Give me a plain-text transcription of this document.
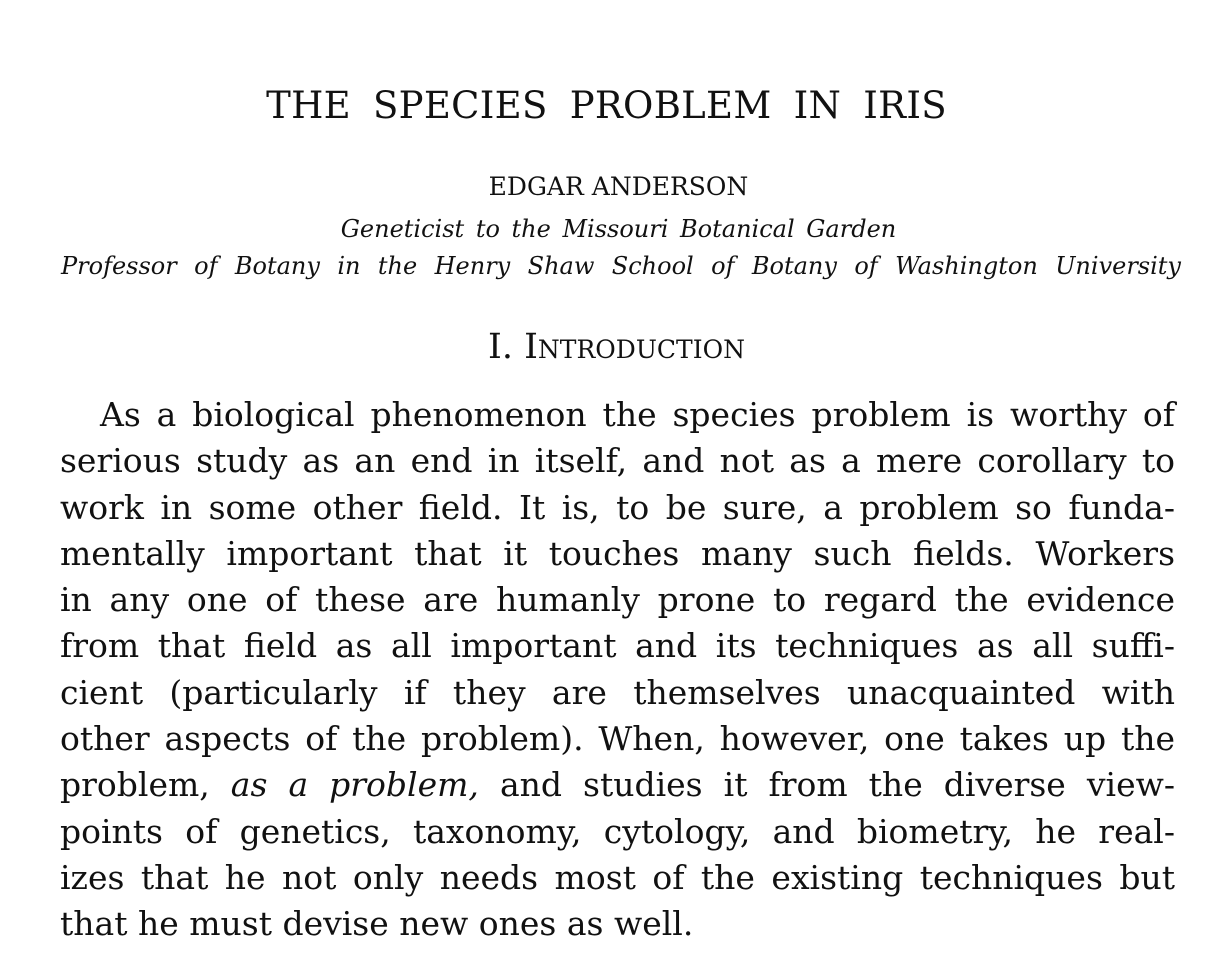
THE SPECIES PROBLEM IN IRIS
EDGAR ANDERSON
Geneticist to the Missouri Botanical Garden
Professor of Botany in the Henry Shaw School of Botany of Washington University
I. Introduction
As a biological phenomenon the species problem is worthy of
serious study as an end in itself, and not as a mere corollary to
work in some other field. It is, to be sure, a problem so funda-
mentally important that it touches many such fields. Workers
in any one of these are humanly prone to regard the evidence
from that field as all important and its techniques as all suffi-
cient (particularly if they are themselves unacquainted with
other aspects of the problem). When, however, one takes up the
problem, as a problem, and studies it from the diverse view-
points of genetics, taxonomy, cytology, and biometry, he real-
izes that he not only needs most of the existing techniques but
that he must devise new ones as well.
